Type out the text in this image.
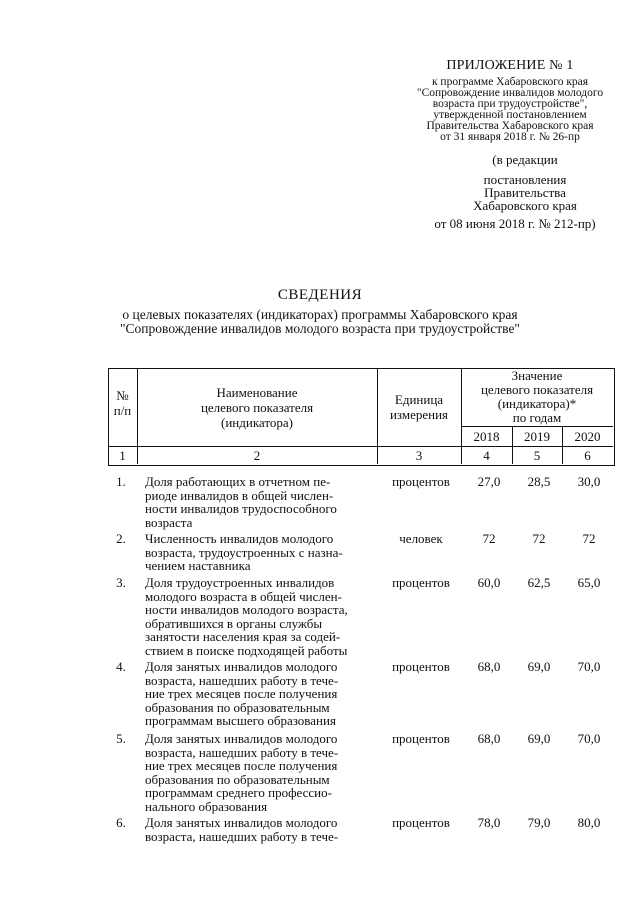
ПРИЛОЖЕНИЕ № 1
к программе Хабаровского края
"Сопровождение инвалидов молодого
возраста при трудоустройстве",
утвержденной постановлением
Правительства Хабаровского края
от 31 января 2018 г. № 26-пр
(в редакции
постановления
Правительства
Хабаровского края
от 08 июня 2018 г. № 212-пр)
СВЕДЕНИЯ
о целевых показателях (индикаторах) программы Хабаровского края
"Сопровождение инвалидов молодого возраста при трудоустройстве"
№
п/п
Наименование
целевого показателя
(индикатора)
Единица
измерения
Значение
целевого показателя
(индикатора)*
по годам
2018	2019	2020
1	2	3	4	5	6
1.	Доля работающих в отчетном пе-
риоде инвалидов в общей числен-
ности инвалидов трудоспособного
возраста
процентов	27,0	28,5	30,0
2.	Численность инвалидов молодого
возраста, трудоустроенных с назна-
чением наставника
человек	72	72	72
3.	Доля трудоустроенных инвалидов
молодого возраста в общей числен-
ности инвалидов молодого возраста,
обратившихся в органы службы
занятости населения края за содей-
ствием в поиске подходящей работы
процентов	60,0	62,5	65,0
4.	Доля занятых инвалидов молодого
возраста, нашедших работу в тече-
ние трех месяцев после получения
образования по образовательным
программам высшего образования
процентов	68,0	69,0	70,0
5.	Доля занятых инвалидов молодого
возраста, нашедших работу в тече-
ние трех месяцев после получения
образования по образовательным
программам среднего профессио-
нального образования
процентов	68,0	69,0	70,0
6.	Доля занятых инвалидов молодого
возраста, нашедших работу в тече-
процентов	78,0	79,0	80,0
